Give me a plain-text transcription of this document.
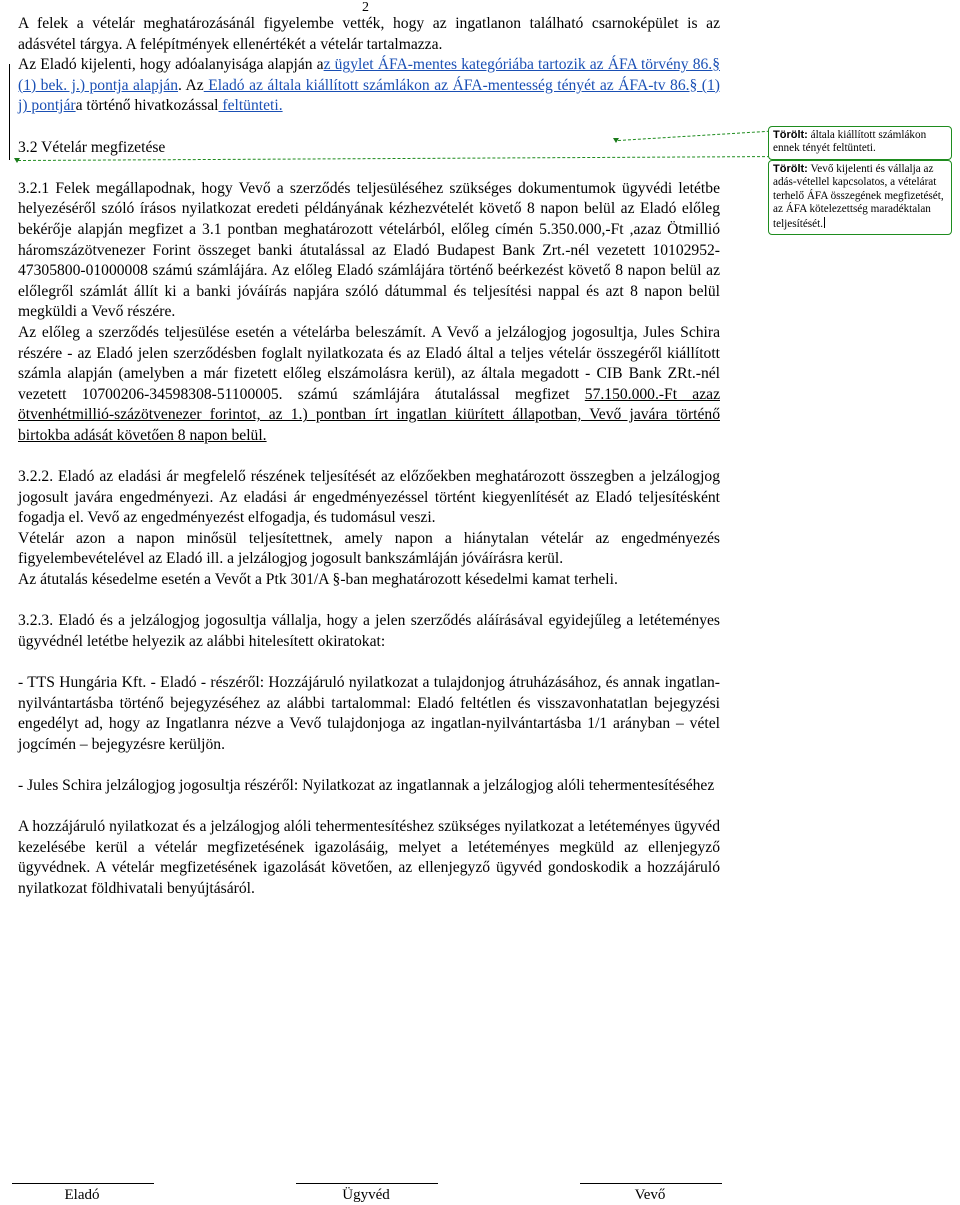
2

A felek a vételár meghatározásánál figyelembe vették, hogy az ingatlanon található csarnoképület is az adásvétel tárgya. A felépítmények ellenértékét a vételár tartalmazza.

Az Eladó kijelenti, hogy adóalanyisága alapján az ügylet ÁFA-mentes kategóriába tartozik az ÁFA törvény 86.§ (1) bek. j.) pontja alapján. Az Eladó az általa kiállított számlákon az ÁFA-mentesség tényét az ÁFA-tv 86.§ (1) j) pontjára történő hivatkozással feltünteti.

3.2 Vételár megfizetése

3.2.1 Felek megállapodnak, hogy Vevő a szerződés teljesüléséhez szükséges dokumentumok ügyvédi letétbe helyezéséről szóló írásos nyilatkozat eredeti példányának kézhezvételét követő 8 napon belül az Eladó előleg bekérője alapján megfizet a 3.1 pontban meghatározott vételárból, előleg címén 5.350.000,-Ft ,azaz Ötmillió háromszázötvenezer Forint összeget banki átutalással az Eladó Budapest Bank Zrt.-nél vezetett 10102952-47305800-01000008 számú számlájára. Az előleg Eladó számlájára történő beérkezést követő 8 napon belül az előlegről számlát állít ki a banki jóváírás napjára szóló dátummal és teljesítési nappal és azt 8 napon belül megküldi a Vevő részére.

Az előleg a szerződés teljesülése esetén a vételárba beleszámít. A Vevő a jelzálogjog jogosultja, Jules Schira részére - az Eladó jelen szerződésben foglalt nyilatkozata és az Eladó által a teljes vételár összegéről kiállított számla alapján (amelyben a már fizetett előleg elszámolásra kerül), az általa megadott - CIB Bank ZRt.-nél vezetett 10700206-34598308-51100005. számú számlájára átutalással megfizet 57.150.000.-Ft azaz ötvenhétmillió-százötvenezer forintot, az 1.) pontban írt ingatlan kiürített állapotban, Vevő javára történő birtokba adását követően 8 napon belül.

3.2.2. Eladó az eladási ár megfelelő részének teljesítését az előzőekben meghatározott összegben a jelzálogjog jogosult javára engedményezi. Az eladási ár engedményezéssel történt kiegyenlítését az Eladó teljesítésként fogadja el. Vevő az engedményezést elfogadja, és tudomásul veszi.

Vételár azon a napon minősül teljesítettnek, amely napon a hiánytalan vételár az engedményezés figyelembevételével az Eladó ill. a jelzálogjog jogosult bankszámláján jóváírásra kerül.

Az átutalás késedelme esetén a Vevőt a Ptk 301/A §-ban meghatározott késedelmi kamat terheli.

3.2.3. Eladó és a jelzálogjog jogosultja vállalja, hogy a jelen szerződés aláírásával egyidejűleg a letéteményes ügyvédnél letétbe helyezik az alábbi hitelesített okiratokat:

- TTS Hungária Kft. - Eladó - részéről: Hozzájáruló nyilatkozat a tulajdonjog átruházásához, és annak ingatlan-nyilvántartásba történő bejegyzéséhez az alábbi tartalommal: Eladó feltétlen és visszavonhatatlan bejegyzési engedélyt ad, hogy az Ingatlanra nézve a Vevő tulajdonjoga az ingatlan-nyilvántartásba 1/1 arányban – vétel jogcímén – bejegyzésre kerüljön.

- Jules Schira jelzálogjog jogosultja részéről: Nyilatkozat az ingatlannak a jelzálogjog alóli tehermentesítéséhez

A hozzájáruló nyilatkozat és a jelzálogjog alóli tehermentesítéshez szükséges nyilatkozat a letéteményes ügyvéd kezelésébe kerül a vételár megfizetésének igazolásáig, melyet a letéteményes megküld az ellenjegyző ügyvédnek. A vételár megfizetésének igazolását követően, az ellenjegyző ügyvéd gondoskodik a hozzájáruló nyilatkozat földhivatali benyújtásáról.

Törölt: általa kiállított számlákon ennek tényét feltünteti.
Törölt: Vevő kijelenti és vállalja az adás-vétellel kapcsolatos, a vételárat terhelő ÁFA összegének megfizetését, az ÁFA kötelezettség maradéktalan teljesítését.
Eladó	Ügyvéd	Vevő
